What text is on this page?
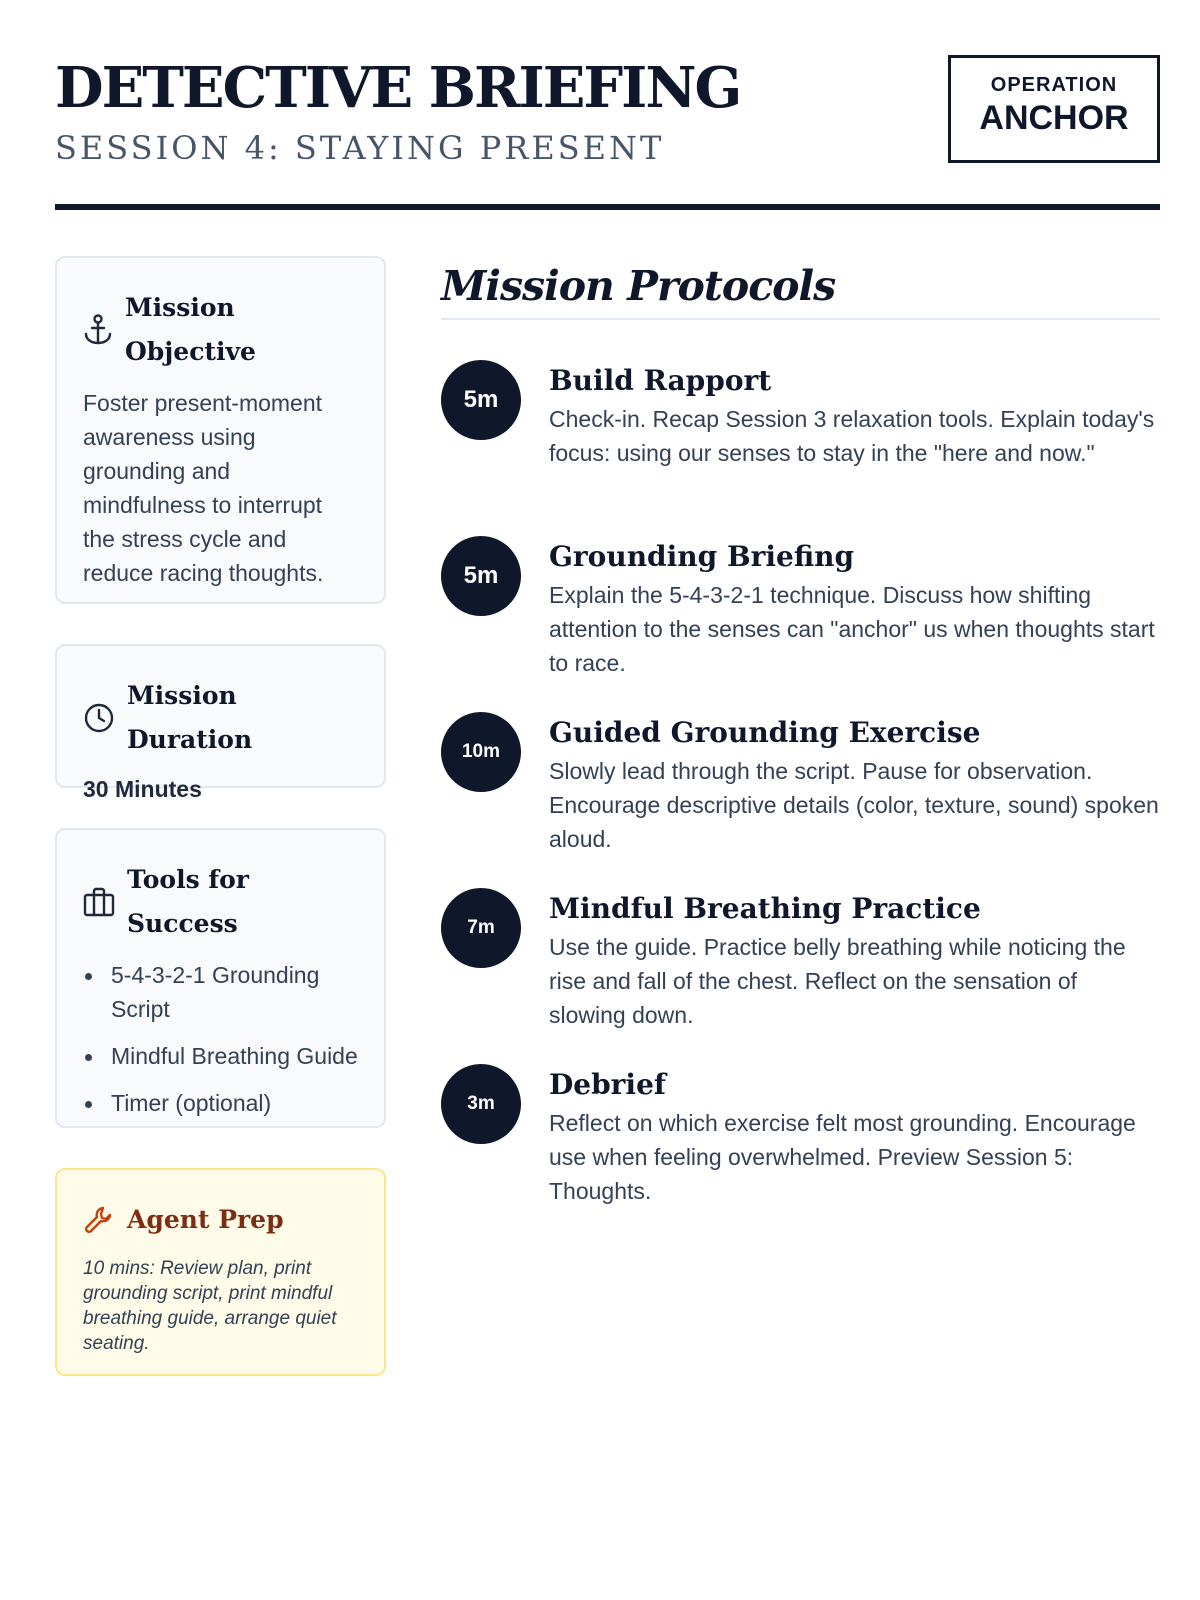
DETECTIVE BRIEFING
SESSION 4: STAYING PRESENT
OPERATION
ANCHOR
Mission Objective
Foster present-moment awareness using grounding and mindfulness to interrupt the stress cycle and reduce racing thoughts.
Mission Duration
30 Minutes
Tools for Success
5-4-3-2-1 Grounding Script
Mindful Breathing Guide
Timer (optional)
Agent Prep
10 mins: Review plan, print grounding script, print mindful breathing guide, arrange quiet seating.
Mission Protocols
5m
Build Rapport
Check-in. Recap Session 3 relaxation tools. Explain today's focus: using our senses to stay in the "here and now."
5m
Grounding Briefing
Explain the 5-4-3-2-1 technique. Discuss how shifting attention to the senses can "anchor" us when thoughts start to race.
10m
Guided Grounding Exercise
Slowly lead through the script. Pause for observation. Encourage descriptive details (color, texture, sound) spoken aloud.
7m
Mindful Breathing Practice
Use the guide. Practice belly breathing while noticing the rise and fall of the chest. Reflect on the sensation of slowing down.
3m
Debrief
Reflect on which exercise felt most grounding. Encourage use when feeling overwhelmed. Preview Session 5: Thoughts.
